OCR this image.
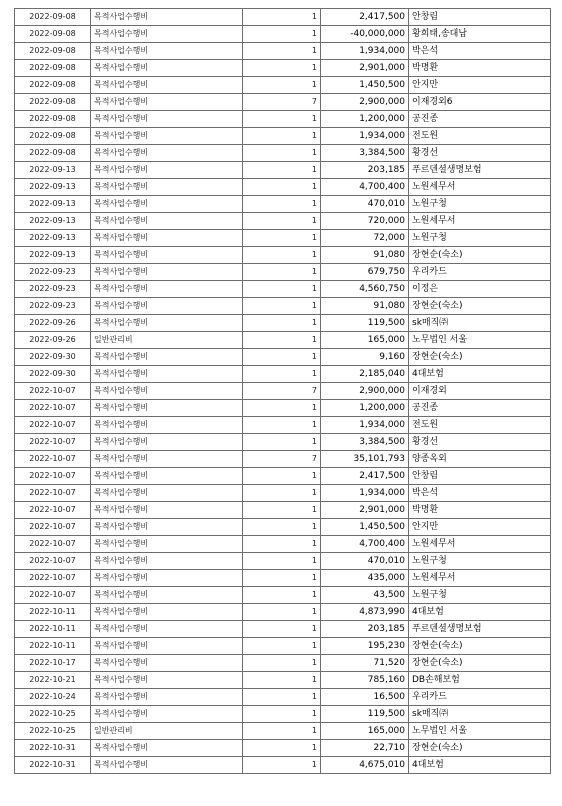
2022-09-08	목적사업수행비	1	2,417,500	안창림
2022-09-08	목적사업수행비	1	-40,000,000	황희태,송대남
2022-09-08	목적사업수행비	1	1,934,000	박은석
2022-09-08	목적사업수행비	1	2,901,000	박명환
2022-09-08	목적사업수행비	1	1,450,500	안지만
2022-09-08	목적사업수행비	7	2,900,000	이재경외6
2022-09-08	목적사업수행비	1	1,200,000	공진종
2022-09-08	목적사업수행비	1	1,934,000	전도원
2022-09-08	목적사업수행비	1	3,384,500	황경선
2022-09-13	목적사업수행비	1	203,185	푸르덴셜생명보험
2022-09-13	목적사업수행비	1	4,700,400	노원세무서
2022-09-13	목적사업수행비	1	470,010	노원구청
2022-09-13	목적사업수행비	1	720,000	노원세무서
2022-09-13	목적사업수행비	1	72,000	노원구청
2022-09-13	목적사업수행비	1	91,080	장현순(숙소)
2022-09-23	목적사업수행비	1	679,750	우리카드
2022-09-23	목적사업수행비	1	4,560,750	이정은
2022-09-23	목적사업수행비	1	91,080	장현순(숙소)
2022-09-26	목적사업수행비	1	119,500	sk매직㈜
2022-09-26	일반관리비	1	165,000	노무법인 서울
2022-09-30	목적사업수행비	1	9,160	장현순(숙소)
2022-09-30	목적사업수행비	1	2,185,040	4대보험
2022-10-07	목적사업수행비	7	2,900,000	이재경외
2022-10-07	목적사업수행비	1	1,200,000	공진종
2022-10-07	목적사업수행비	1	1,934,000	전도원
2022-10-07	목적사업수행비	1	3,384,500	황경선
2022-10-07	목적사업수행비	7	35,101,793	양종옥외
2022-10-07	목적사업수행비	1	2,417,500	안창림
2022-10-07	목적사업수행비	1	1,934,000	박은석
2022-10-07	목적사업수행비	1	2,901,000	박명환
2022-10-07	목적사업수행비	1	1,450,500	안지만
2022-10-07	목적사업수행비	1	4,700,400	노원세무서
2022-10-07	목적사업수행비	1	470,010	노원구청
2022-10-07	목적사업수행비	1	435,000	노원세무서
2022-10-07	목적사업수행비	1	43,500	노원구청
2022-10-11	목적사업수행비	1	4,873,990	4대보험
2022-10-11	목적사업수행비	1	203,185	푸르덴셜생명보험
2022-10-11	목적사업수행비	1	195,230	장현순(숙소)
2022-10-17	목적사업수행비	1	71,520	장현순(숙소)
2022-10-21	목적사업수행비	1	785,160	DB손해보험
2022-10-24	목적사업수행비	1	16,500	우리카드
2022-10-25	목적사업수행비	1	119,500	sk매직㈜
2022-10-25	일반관리비	1	165,000	노무법인 서울
2022-10-31	목적사업수행비	1	22,710	장현순(숙소)
2022-10-31	목적사업수행비	1	4,675,010	4대보험
